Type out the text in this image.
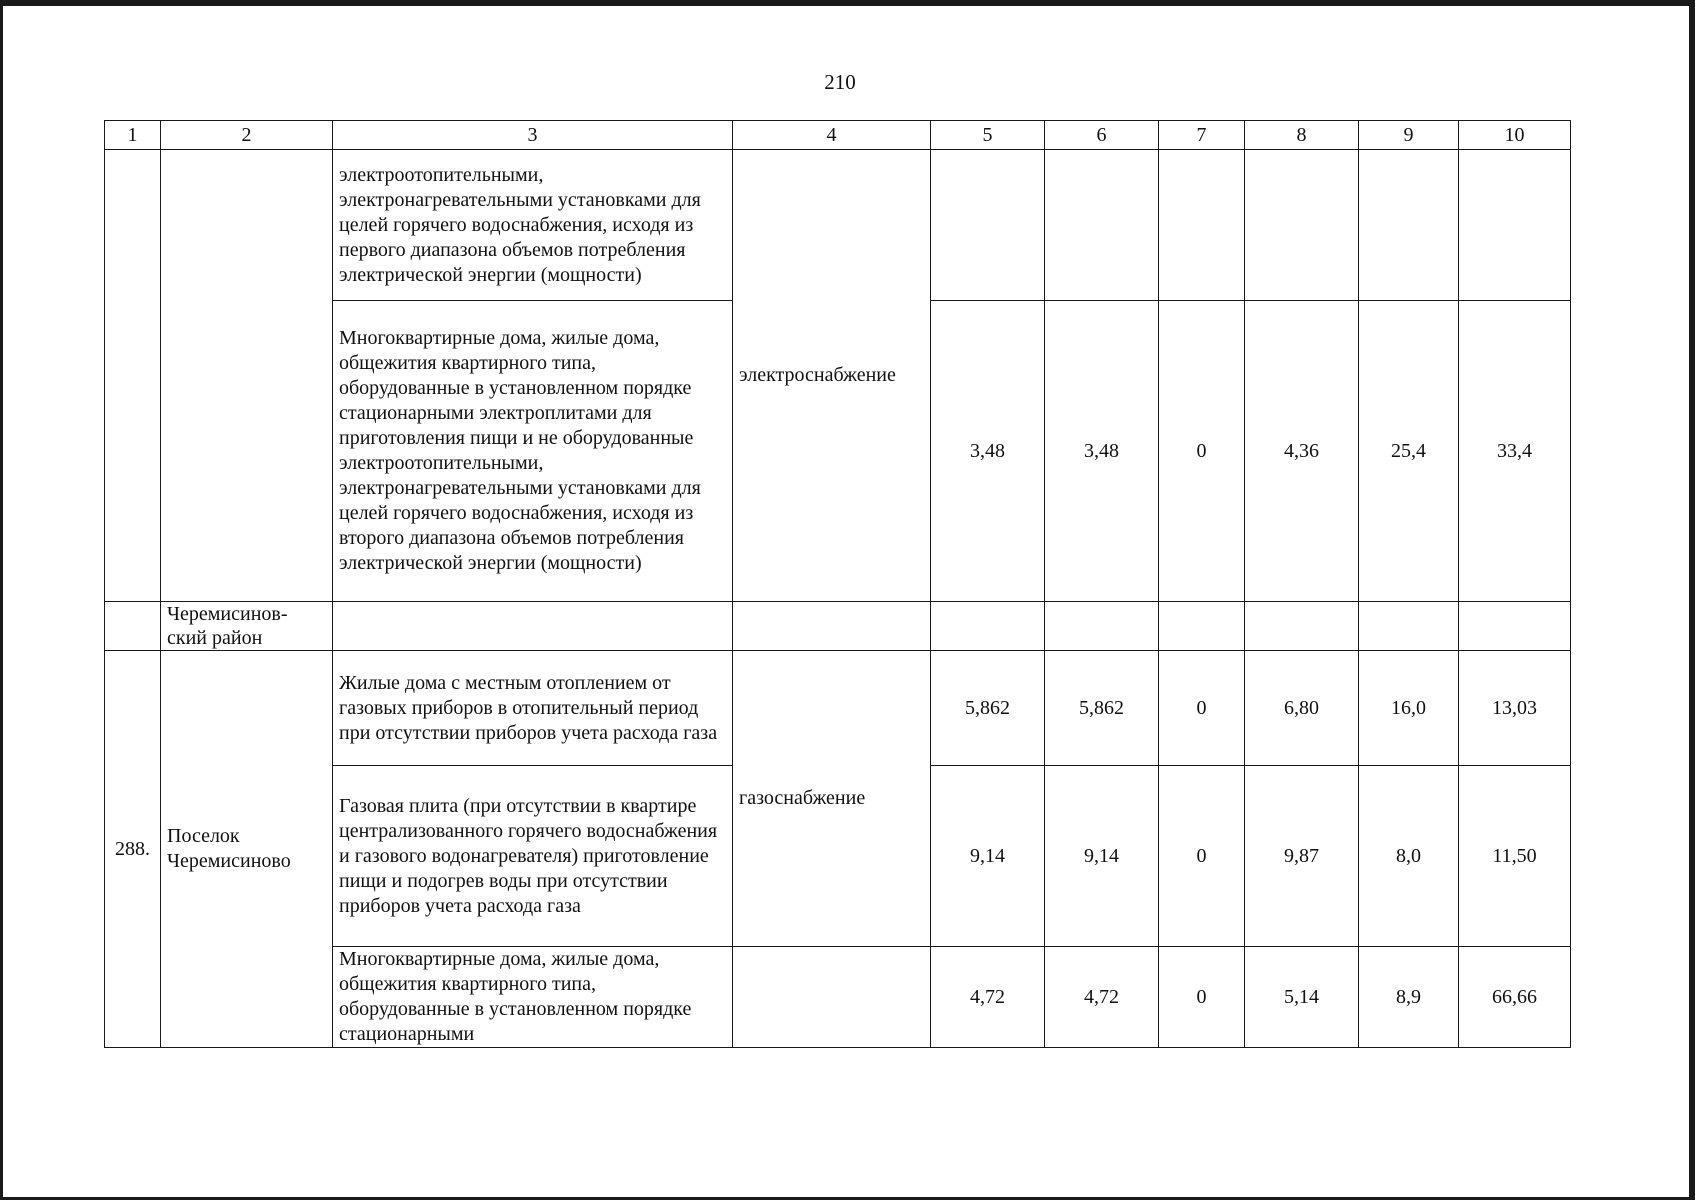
210
1	2	3	4	5	6	7	8	9	10
		электроотопительными, электронагревательными установками для целей горячего водоснабжения, исходя из первого диапазона объемов потребления электрической энергии (мощности)	электроснабжение						
		Многоквартирные дома, жилые дома, общежития квартирного типа, оборудованные в установленном порядке стационарными электроплитами для приготовления пищи и не оборудованные электроотопительными, электронагревательными установками для целей горячего водоснабжения, исходя из второго диапазона объемов потребления электрической энергии (мощности)		3,48	3,48	0	4,36	25,4	33,4
	Черемисинов-ский район								
288.	Поселок Черемисиново	Жилые дома с местным отоплением от газовых приборов в отопительный период при отсутствии приборов учета расхода газа	газоснабжение	5,862	5,862	0	6,80	16,0	13,03
		Газовая плита (при отсутствии в квартире централизованного горячего водоснабжения и газового водонагревателя) приготовление пищи и подогрев воды при отсутствии приборов учета расхода газа		9,14	9,14	0	9,87	8,0	11,50
		Многоквартирные дома, жилые дома, общежития квартирного типа, оборудованные в установленном порядке стационарными		4,72	4,72	0	5,14	8,9	66,66
